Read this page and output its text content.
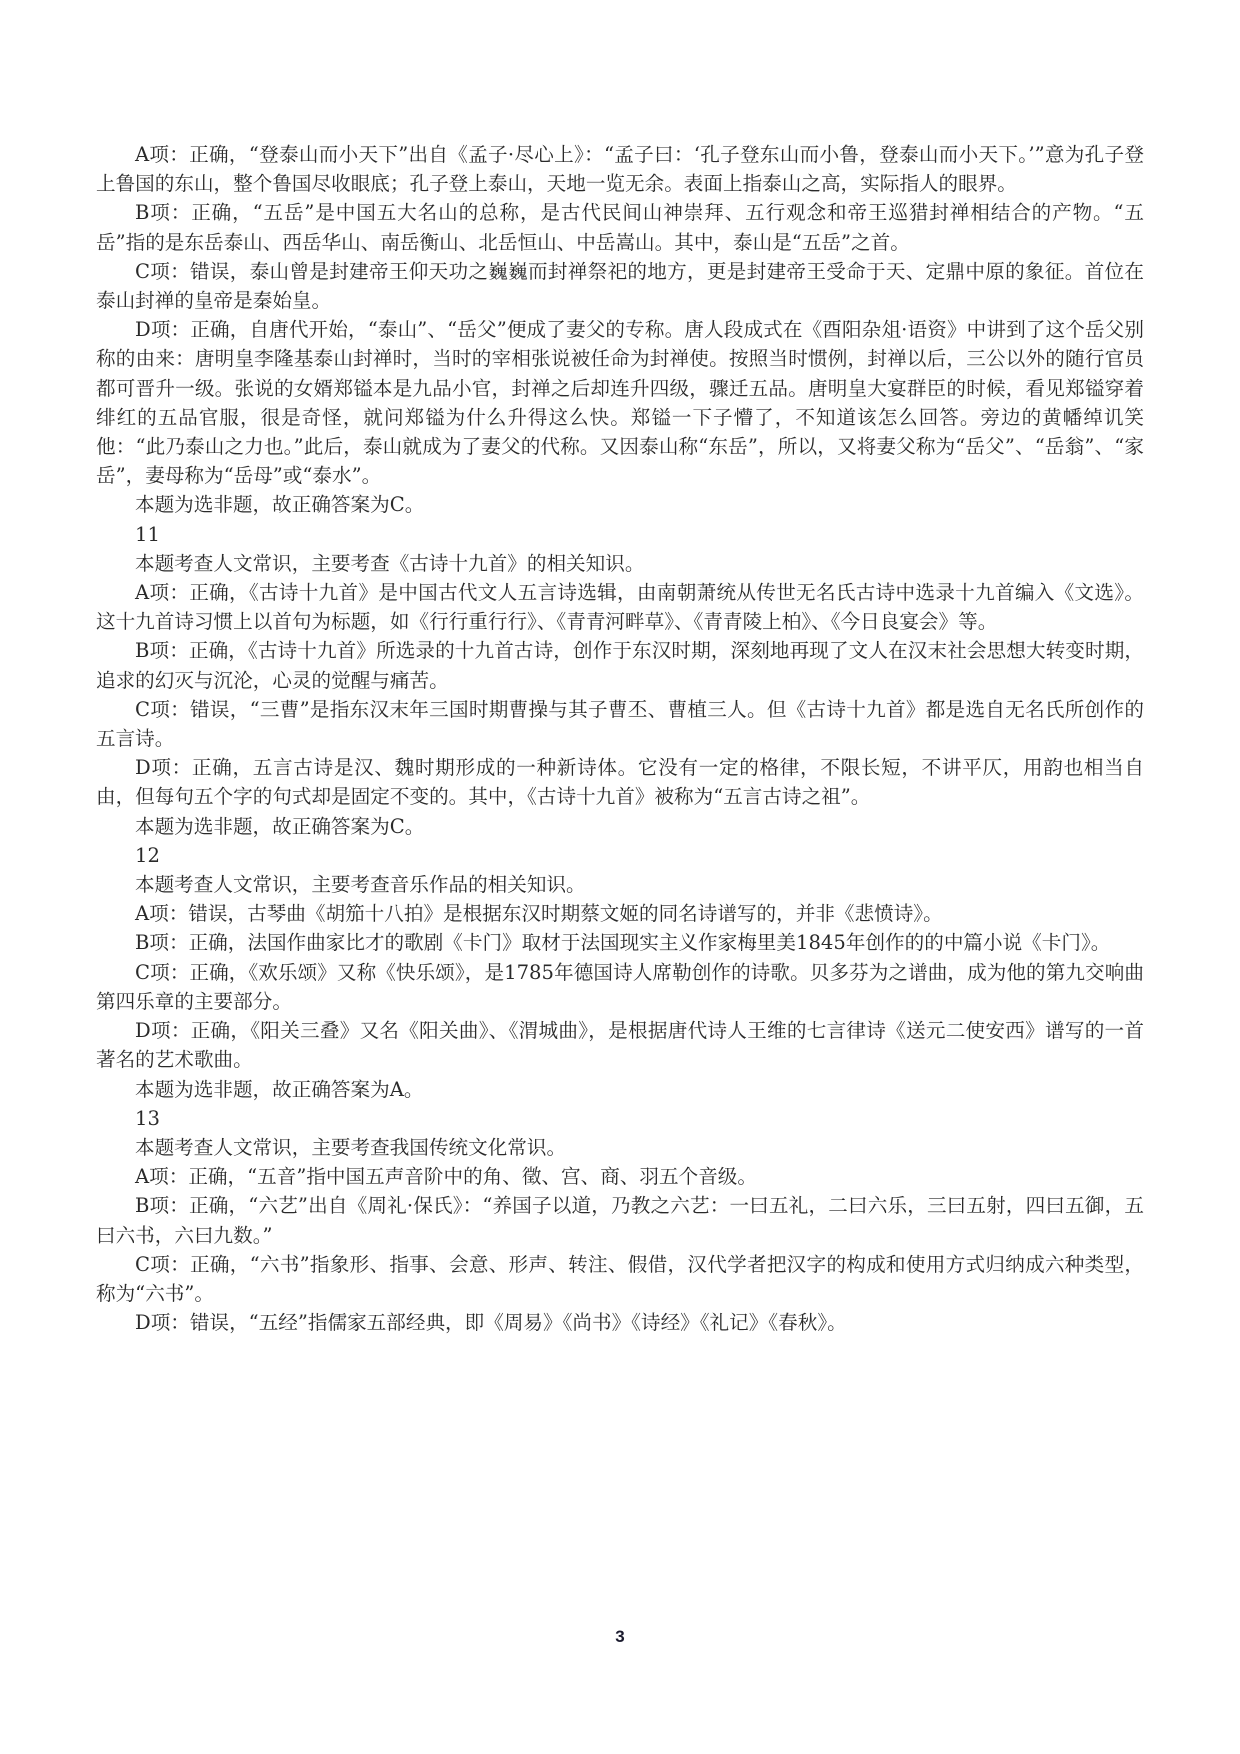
A项：正确，“登泰山而小天下”出自《孟子·尽心上》：“孟子曰：‘孔子登东山而小鲁，登泰山而小天下。’”意为孔子登上鲁国的东山，整个鲁国尽收眼底；孔子登上泰山，天地一览无余。表面上指泰山之高，实际指人的眼界。

B项：正确，“五岳”是中国五大名山的总称，是古代民间山神崇拜、五行观念和帝王巡猎封禅相结合的产物。“五岳”指的是东岳泰山、西岳华山、南岳衡山、北岳恒山、中岳嵩山。其中，泰山是“五岳”之首。

C项：错误，泰山曾是封建帝王仰天功之巍巍而封禅祭祀的地方，更是封建帝王受命于天、定鼎中原的象征。首位在泰山封禅的皇帝是秦始皇。

D项：正确，自唐代开始，“泰山”、“岳父”便成了妻父的专称。唐人段成式在《酉阳杂俎·语资》中讲到了这个岳父别称的由来：唐明皇李隆基泰山封禅时，当时的宰相张说被任命为封禅使。按照当时惯例，封禅以后，三公以外的随行官员都可晋升一级。张说的女婿郑镒本是九品小官，封禅之后却连升四级，骤迁五品。唐明皇大宴群臣的时候，看见郑镒穿着绯红的五品官服，很是奇怪，就问郑镒为什么升得这么快。郑镒一下子懵了，不知道该怎么回答。旁边的黄幡绰讥笑他：“此乃泰山之力也。”此后，泰山就成为了妻父的代称。又因泰山称“东岳”，所以，又将妻父称为“岳父”、“岳翁”、“家岳”，妻母称为“岳母”或“泰水”。

本题为选非题，故正确答案为C。

11

本题考查人文常识，主要考查《古诗十九首》的相关知识。

A项：正确，《古诗十九首》是中国古代文人五言诗选辑，由南朝萧统从传世无名氏古诗中选录十九首编入《文选》。这十九首诗习惯上以首句为标题，如《行行重行行》、《青青河畔草》、《青青陵上柏》、《今日良宴会》等。

B项：正确，《古诗十九首》所选录的十九首古诗，创作于东汉时期，深刻地再现了文人在汉末社会思想大转变时期，追求的幻灭与沉沦，心灵的觉醒与痛苦。

C项：错误，“三曹”是指东汉末年三国时期曹操与其子曹丕、曹植三人。但《古诗十九首》都是选自无名氏所创作的五言诗。

D项：正确，五言古诗是汉、魏时期形成的一种新诗体。它没有一定的格律，不限长短，不讲平仄，用韵也相当自由，但每句五个字的句式却是固定不变的。其中，《古诗十九首》被称为“五言古诗之祖”。

本题为选非题，故正确答案为C。

12

本题考查人文常识，主要考查音乐作品的相关知识。

A项：错误，古琴曲《胡笳十八拍》是根据东汉时期蔡文姬的同名诗谱写的，并非《悲愤诗》。

B项：正确，法国作曲家比才的歌剧《卡门》取材于法国现实主义作家梅里美1845年创作的的中篇小说《卡门》。

C项：正确，《欢乐颂》又称《快乐颂》，是1785年德国诗人席勒创作的诗歌。贝多芬为之谱曲，成为他的第九交响曲第四乐章的主要部分。

D项：正确，《阳关三叠》又名《阳关曲》、《渭城曲》，是根据唐代诗人王维的七言律诗《送元二使安西》谱写的一首著名的艺术歌曲。

本题为选非题，故正确答案为A。

13

本题考查人文常识，主要考查我国传统文化常识。

A项：正确，“五音”指中国五声音阶中的角、徵、宫、商、羽五个音级。

B项：正确，“六艺”出自《周礼·保氏》：“养国子以道，乃教之六艺：一曰五礼，二曰六乐，三曰五射，四曰五御，五曰六书，六曰九数。”

C项：正确，“六书”指象形、指事、会意、形声、转注、假借，汉代学者把汉字的构成和使用方式归纳成六种类型，称为“六书”。

D项：错误，“五经”指儒家五部经典，即《周易》《尚书》《诗经》《礼记》《春秋》。

3
